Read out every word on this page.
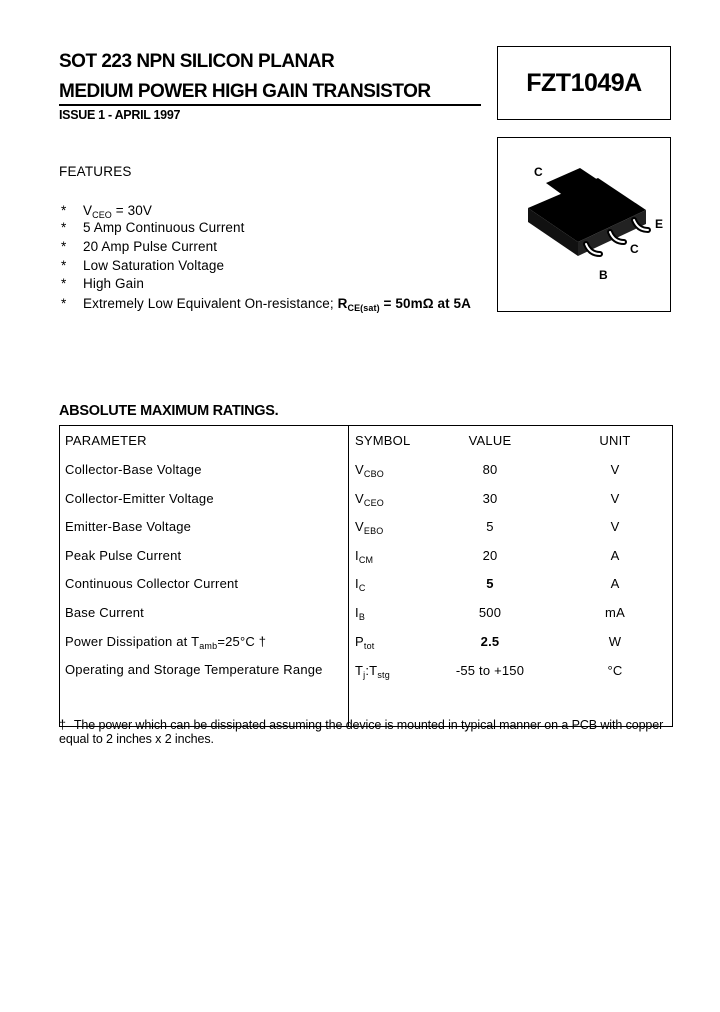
SOT 223 NPN SILICON PLANAR
MEDIUM POWER HIGH GAIN TRANSISTOR
ISSUE 1 - APRIL 1997
FZT1049A
C
E
C
B
FEATURES
* $V_{CEO} = 30V$
* 5 Amp Continuous Current
* 20 Amp Pulse Current
* Low Saturation Voltage
* High Gain
* Extremely Low Equivalent On-resistance; $R_{CE(sat)} = 50m\Omega$ at 5A
ABSOLUTE MAXIMUM RATINGS.
PARAMETER	SYMBOL	VALUE	UNIT
Collector-Base Voltage	$V_{CBO}$	80	V
Collector-Emitter Voltage	$V_{CEO}$	30	V
Emitter-Base Voltage	$V_{EBO}$	5	V
Peak Pulse Current	$I_{CM}$	20	A
Continuous Collector Current	$I_C$	5	A
Base Current	$I_B$	500	mA
Power Dissipation at $T_{amb}=25^\circ C$ †	$P_{tot}$	2.5	W
Operating and Storage Temperature Range	$T_j:T_{stg}$	-55 to +150	°C
† The power which can be dissipated assuming the device is mounted in typical manner on a PCB with copper equal to 2 inches x 2 inches.
